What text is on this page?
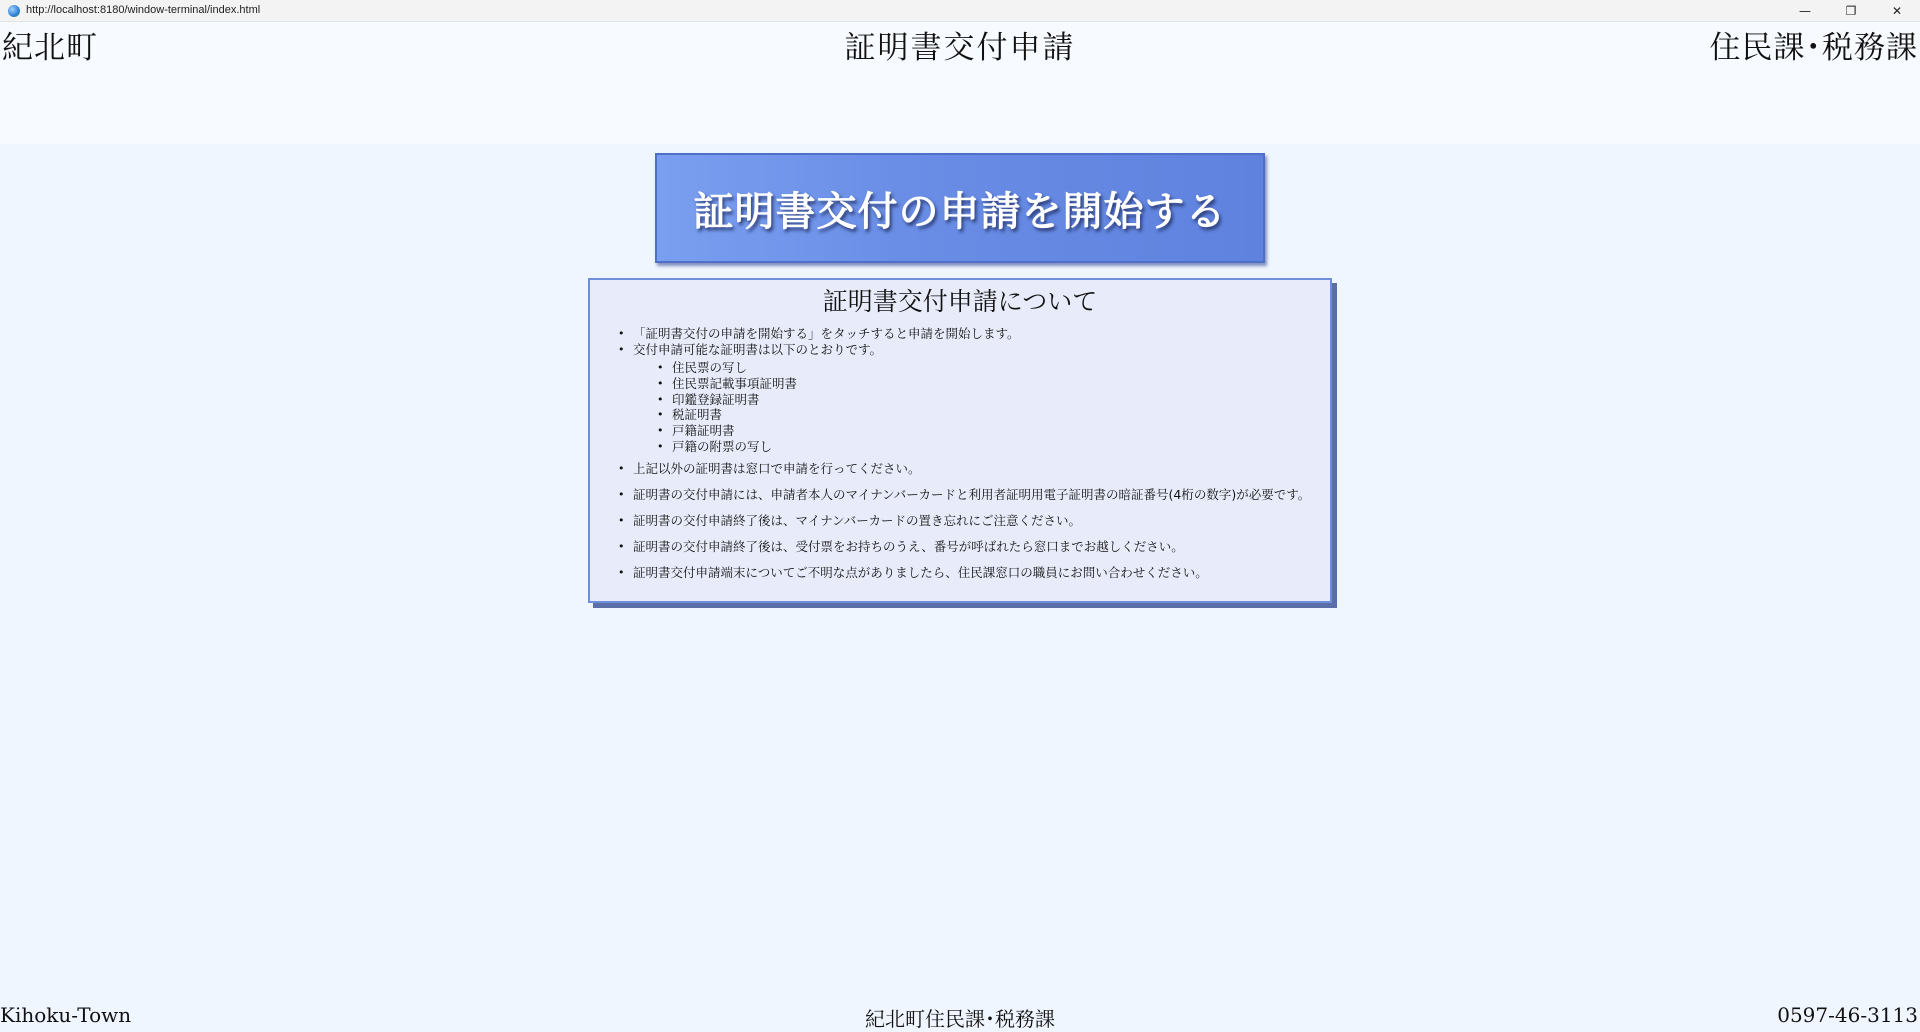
http://localhost:8180/window-terminal/index.html	—	❐	✕
紀北町	証明書交付申請	住民課･税務課
証明書交付の申請を開始する
証明書交付申請について
• 「証明書交付の申請を開始する」をタッチすると申請を開始します。
• 交付申請可能な証明書は以下のとおりです。
• 住民票の写し
• 住民票記載事項証明書
• 印鑑登録証明書
• 税証明書
• 戸籍証明書
• 戸籍の附票の写し
• 上記以外の証明書は窓口で申請を行ってください。
• 証明書の交付申請には、申請者本人のマイナンバーカードと利用者証明用電子証明書の暗証番号(4桁の数字)が必要です。
• 証明書の交付申請終了後は、マイナンバーカードの置き忘れにご注意ください。
• 証明書の交付申請終了後は、受付票をお持ちのうえ、番号が呼ばれたら窓口までお越しください。
• 証明書交付申請端末についてご不明な点がありましたら、住民課窓口の職員にお問い合わせください。
Kihoku-Town	紀北町住民課･税務課	0597-46-3113
